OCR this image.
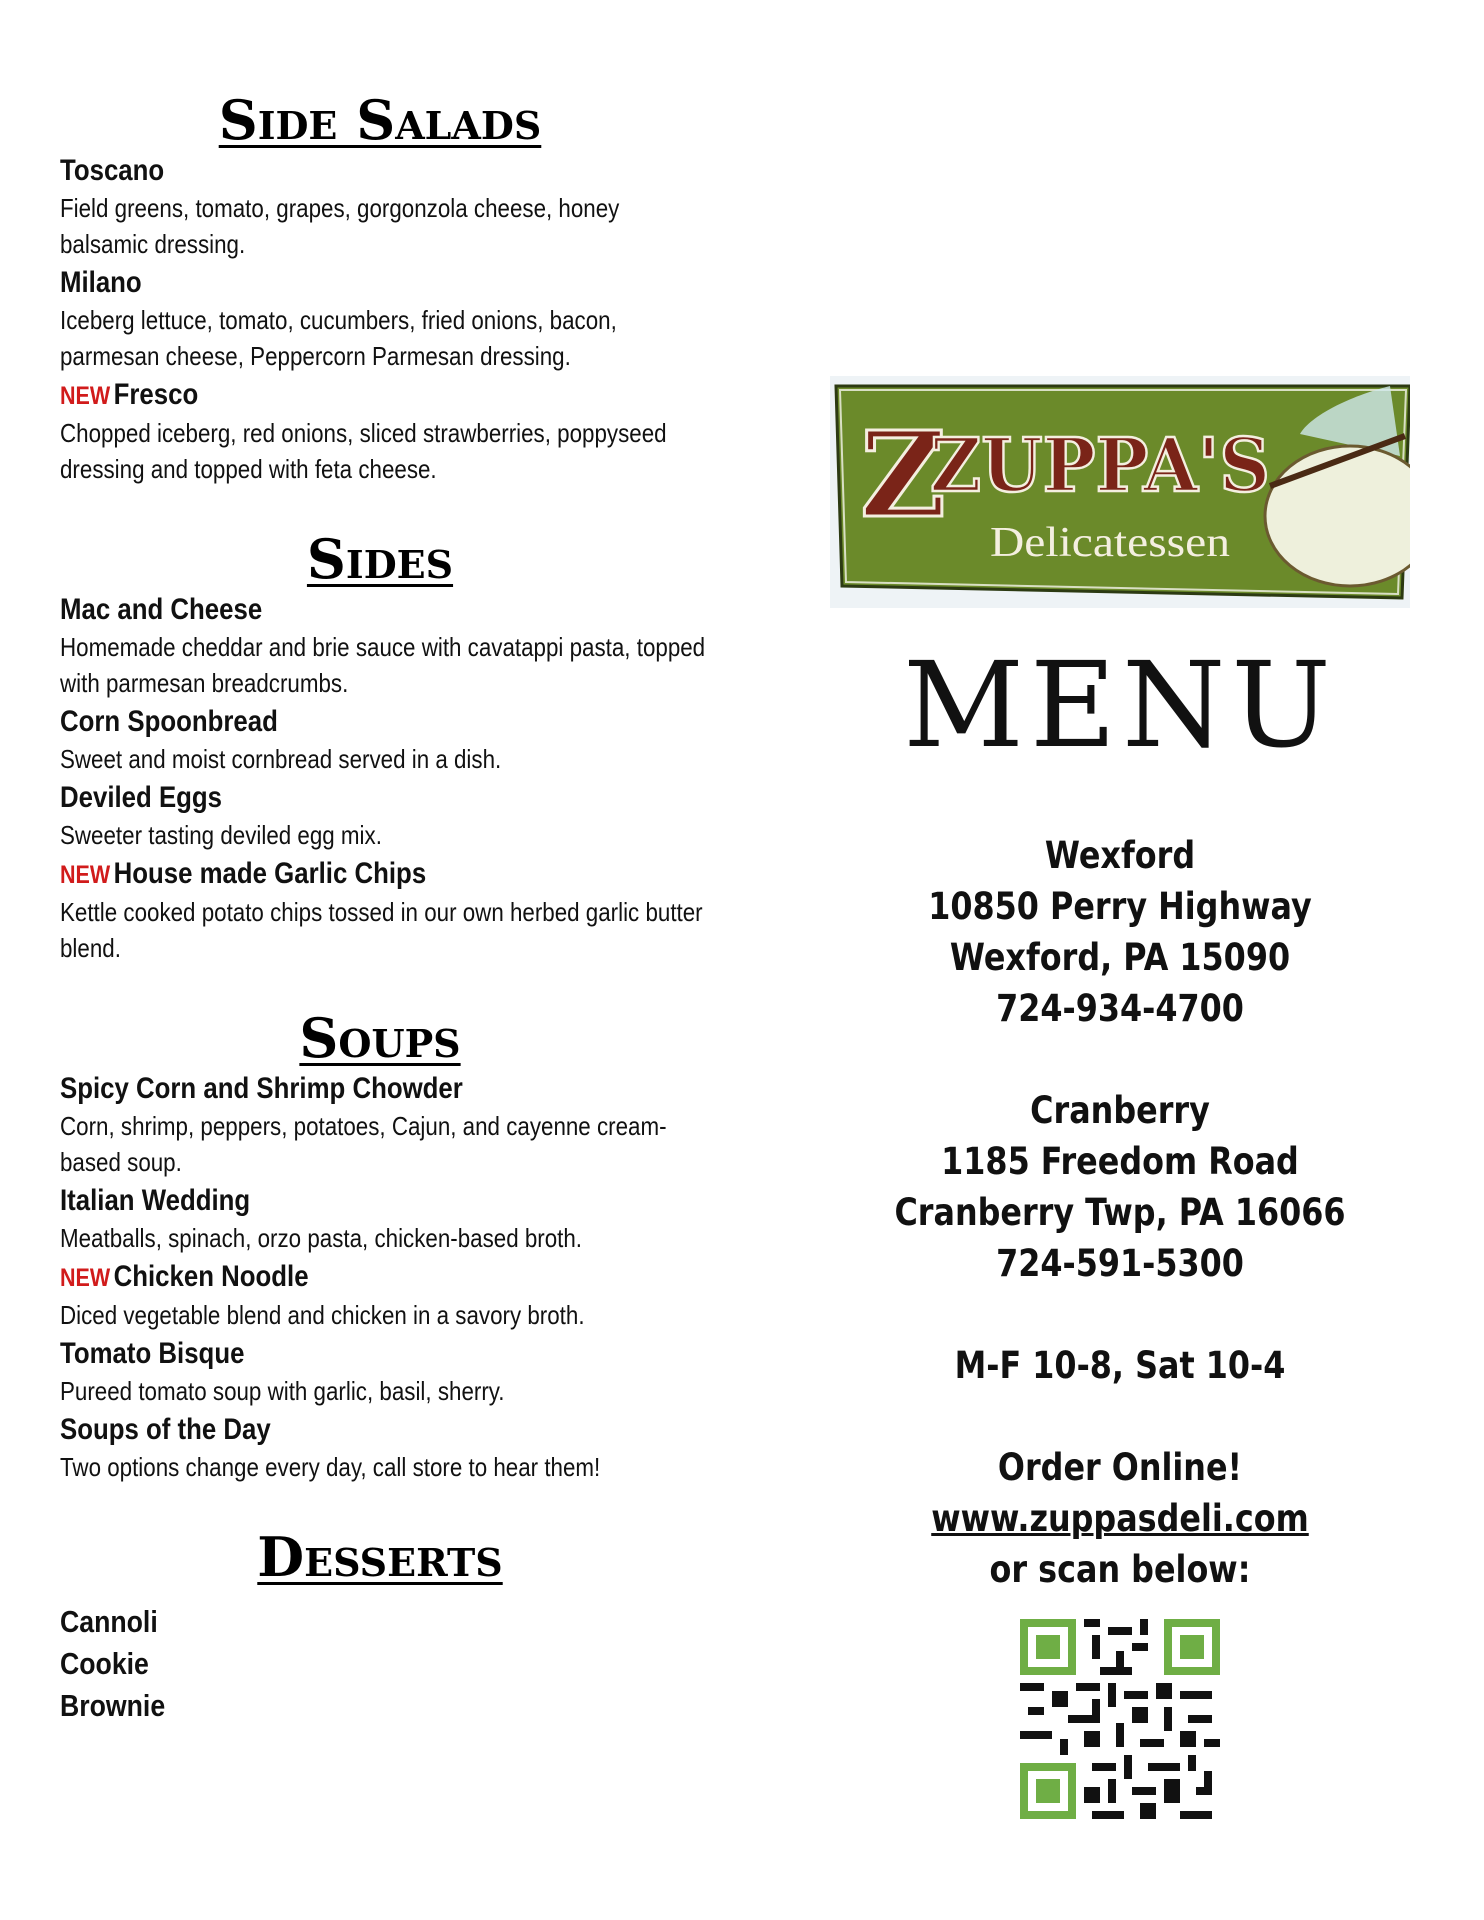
Side Salads
Toscano
Field greens, tomato, grapes, gorgonzola cheese, honey balsamic dressing.
Milano
Iceberg lettuce, tomato, cucumbers, fried onions, bacon, parmesan cheese, Peppercorn Parmesan dressing.
NEW Fresco
Chopped iceberg, red onions, sliced strawberries, poppyseed dressing and topped with feta cheese.
Sides
Mac and Cheese
Homemade cheddar and brie sauce with cavatappi pasta, topped with parmesan breadcrumbs.
Corn Spoonbread
Sweet and moist cornbread served in a dish.
Deviled Eggs
Sweeter tasting deviled egg mix.
NEW House made Garlic Chips
Kettle cooked potato chips tossed in our own herbed garlic butter blend.
Soups
Spicy Corn and Shrimp Chowder
Corn, shrimp, peppers, potatoes, Cajun, and cayenne cream-based soup.
Italian Wedding
Meatballs, spinach, orzo pasta, chicken-based broth.
NEW Chicken Noodle
Diced vegetable blend and chicken in a savory broth.
Tomato Bisque
Pureed tomato soup with garlic, basil, sherry.
Soups of the Day
Two options change every day, call store to hear them!
Desserts
Cannoli
Cookie
Brownie
Z
ZUPPA'S
Delicatessen
MENU
Wexford
10850 Perry Highway
Wexford, PA 15090
724-934-4700
Cranberry
1185 Freedom Road
Cranberry Twp, PA 16066
724-591-5300
M-F 10-8, Sat 10-4
Order Online!
www.zuppasdeli.com
or scan below:
